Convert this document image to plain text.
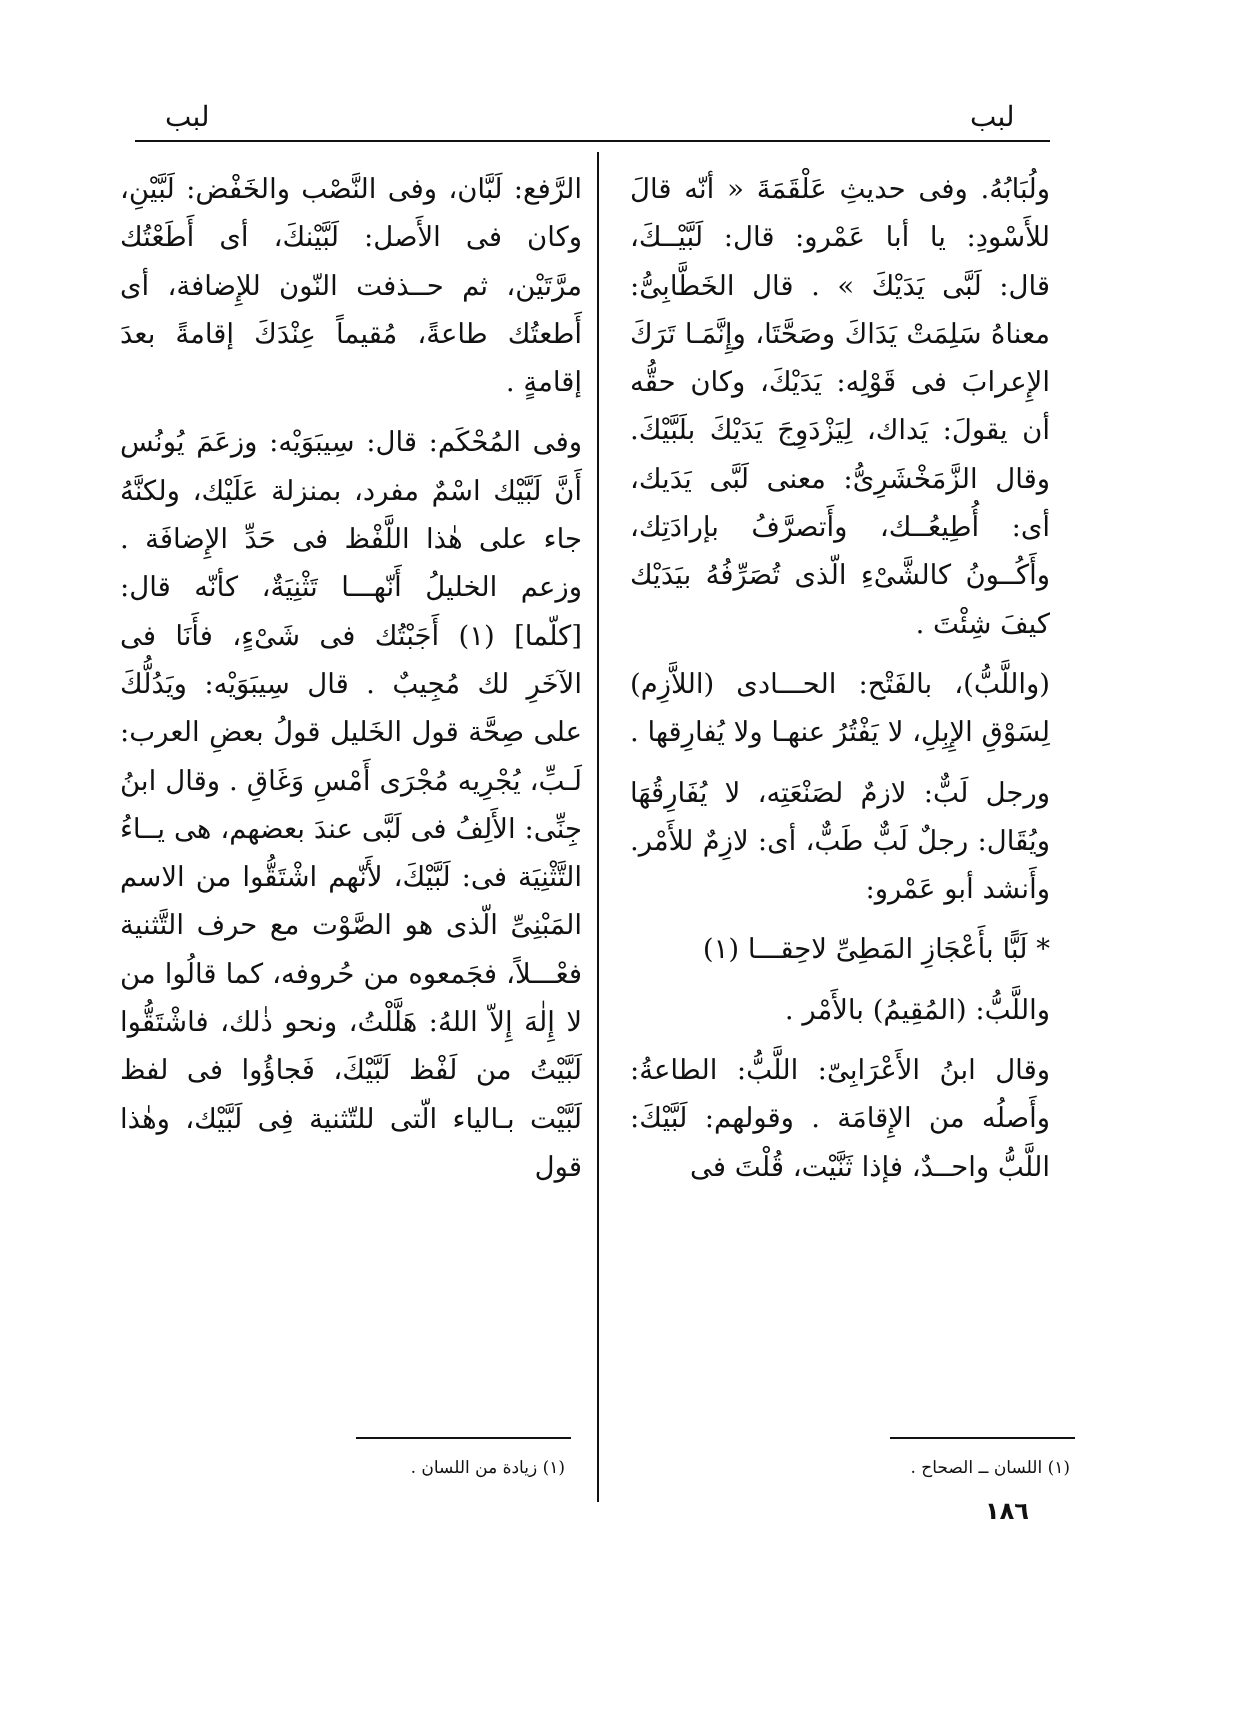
لبب
لبب

ولُبَابُهُ. وفى حديثِ عَلْقَمَةَ « أنّه قالَ للأَسْودِ: يا أبا عَمْرو: قال: لَبَّيْــكَ، قال: لَبَّى يَدَيْكَ » . قال الخَطَّابِىُّ: معناهُ سَلِمَتْ يَدَاكَ وصَحَّتَا، وإِنَّمَـا تَرَكَ الإِعرابَ فى قَوْلِه: يَدَيْكَ، وكان حقُّه أن يقولَ: يَداك، لِيَزْدَوِجَ يَدَيْكَ بلَبَّيْكَ. وقال الزَّمَخْشَرِىُّ: معنى لَبَّى يَدَيك، أى: أُطِيعُــك، وأَتصرَّفُ بإرادَتِك، وأَكُــونُ كالشَّىْءِ الّذى تُصَرِّفُهُ بيَدَيْك كيفَ شِئْتَ .

(واللَّبُّ)، بالفَتْح: الحـــادى (اللاَّزِم) لِسَوْقِ الإِبِلِ، لا يَفْتُرُ عنهـا ولا يُفارِقها .

ورجل لَبٌّ: لازمٌ لصَنْعَتِه، لا يُفَارِقُهَا ويُقَال: رجلٌ لَبٌّ طَبٌّ، أى: لازِمٌ للأَمْر. وأَنشد أبو عَمْرو:

* لَبًّا بأَعْجَازِ المَطِىِّ لاحِقـــا (١)

واللَّبُّ: (المُقِيمُ) بالأَمْر .

وقال ابنُ الأَعْرَابِىّ: اللَّبُّ: الطاعةُ: وأَصلُه من الإِقامَة . وقولهم: لَبَّيْكَ: اللَّبُّ واحــدٌ، فإذا ثَنَّيْت، قُلْتَ فى

الرَّفع: لَبَّان، وفى النَّصْب والخَفْض: لَبَّيْنِ، وكان فى الأَصل: لَبَّيْنكَ، أى أَطَعْتُك مرَّتَيْن، ثم حــذفت النّون للإِضافة، أى أَطعتُك طاعةً، مُقيماً عِنْدَكَ إقامةً بعدَ إقامةٍ .

وفى المُحْكَم: قال: سِيبَوَيْه: وزعَمَ يُونُس أَنَّ لَبَّيْك اسْمٌ مفرد، بمنزلة عَلَيْك، ولكنَّهُ جاء على هٰذا اللَّفْظ فى حَدِّ الإِضافَة . وزعم الخليلُ أَنّهـــا تَثْنِيَةٌ، كأنّه قال: [كلّما] (١) أَجَبْتُك فى شَىْءٍ، فأَنَا فى الآخَرِ لك مُجِيبٌ . قال سِيبَوَيْه: ويَدُلُّكَ على صِحَّة قول الخَليل قولُ بعضِ العرب: لَـبِّ، يُجْرِيه مُجْرَى أَمْسِ وَغَاقِ . وقال ابنُ جِنِّى: الأَلِفُ فى لَبَّى عندَ بعضهم، هى يــاءُ التَّثْنِيَة فى: لَبَّيْكَ، لأَنّهم اشْتَقُّوا من الاسم المَبْنِىِّ الّذى هو الصَّوْت مع حرف التَّثنية فعْـــلاً، فجَمعوه من حُروفه، كما قالُوا من لا إِلٰهَ إِلاّ اللهُ: هَلَّلْتُ، ونحو ذٰلك، فاشْتَقُّوا لَبَّيْتُ من لَفْظ لَبَّيْكَ، فَجاؤُوا فى لفظ لَبَّيْت بـالياء الّتى للتّثنية فِى لَبَّيْك، وهٰذا قول

(١) اللسان ــ الصحاح .
(١) زيادة من اللسان .
١٨٦
